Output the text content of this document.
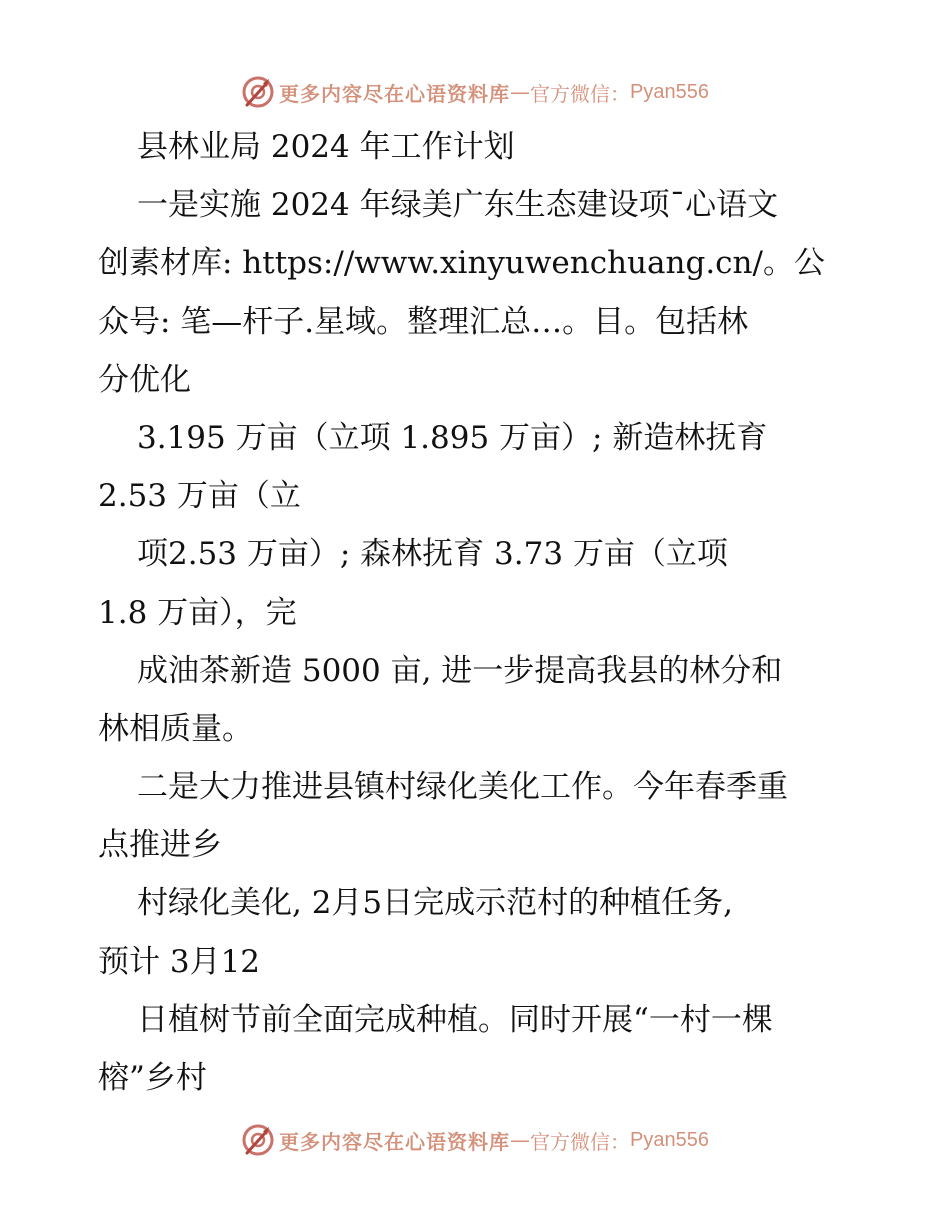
更多内容尽在心语资料库 — 官方微信： Pyan556
县林业局 2024 年工作计划
一是实施 2024 年绿美广东生态建设项¯心语文
创素材库: https://www.xinyuwenchuang.cn/。公
众号: 笔—杆子.星域。整理汇总…。目。包括林
分优化
3.195 万亩（立项 1.895 万亩）; 新造林抚育
2.53 万亩（立
项2.53 万亩）; 森林抚育 3.73 万亩（立项
1.8 万亩），完
成油茶新造 5000 亩, 进一步提高我县的林分和
林相质量。
二是大力推进县镇村绿化美化工作。今年春季重
点推进乡
村绿化美化, 2月5日完成示范村的种植任务,
预计 3月12
日植树节前全面完成种植。同时开展“一村一棵
榕”乡村
更多内容尽在心语资料库 — 官方微信： Pyan556
